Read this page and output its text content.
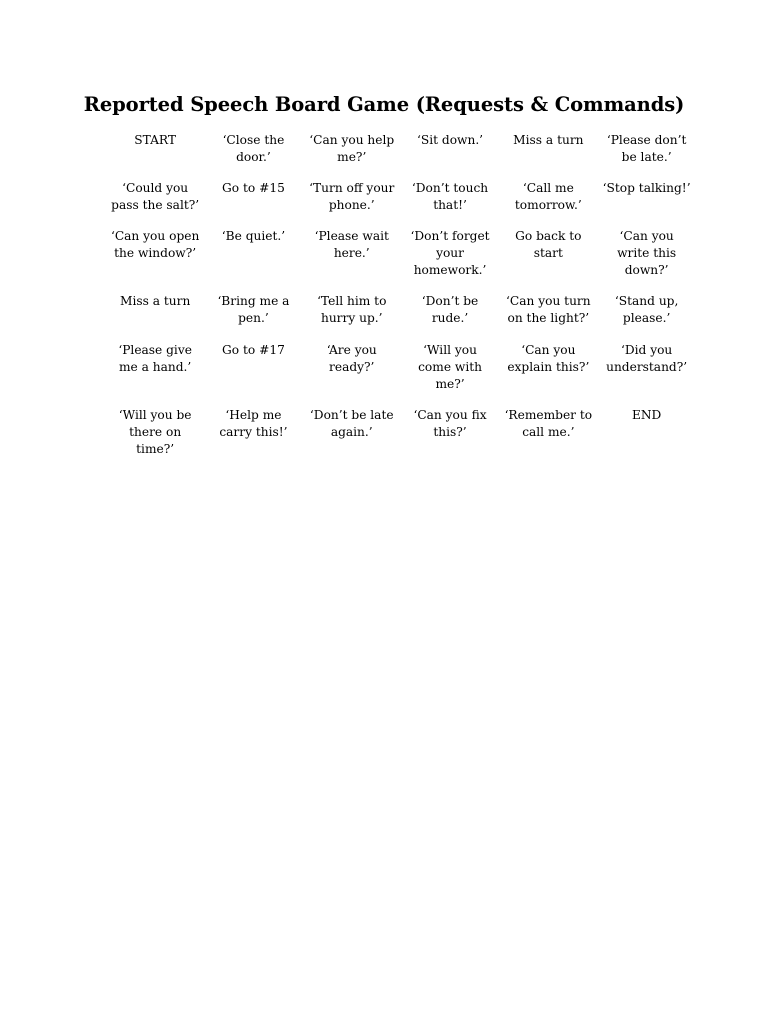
Reported Speech Board Game (Requests & Commands)
START	‘Close the door.’	‘Can you help me?’	‘Sit down.’	Miss a turn	‘Please don’t be late.’
‘Could you pass the salt?’	Go to #15	‘Turn off your phone.’	‘Don’t touch that!’	‘Call me tomorrow.’	‘Stop talking!’
‘Can you open the window?’	‘Be quiet.’	‘Please wait here.’	‘Don’t forget your homework.’	Go back to start	‘Can you write this down?’
Miss a turn	‘Bring me a pen.’	‘Tell him to hurry up.’	‘Don’t be rude.’	‘Can you turn on the light?’	‘Stand up, please.’
‘Please give me a hand.’	Go to #17	‘Are you ready?’	‘Will you come with me?’	‘Can you explain this?’	‘Did you understand?’
‘Will you be there on time?’	‘Help me carry this!’	‘Don’t be late again.’	‘Can you fix this?’	‘Remember to call me.’	END
